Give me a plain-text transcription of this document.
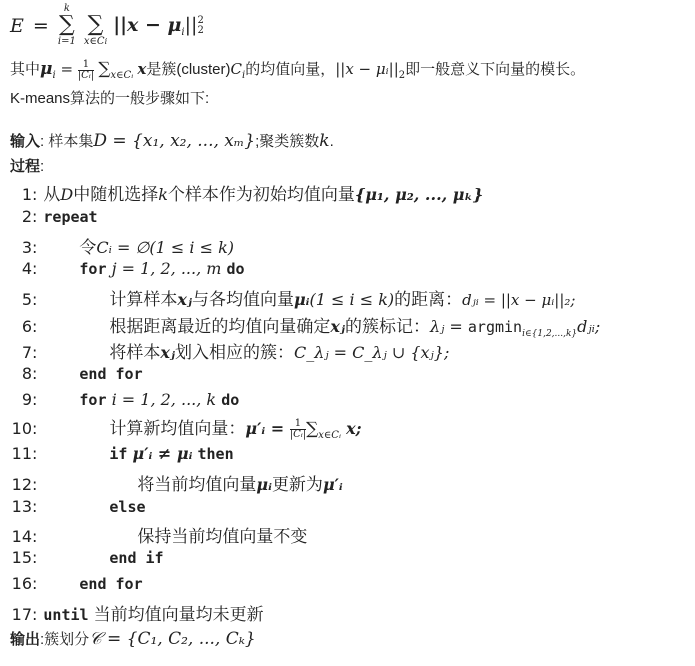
E =
k
∑
i=1

∑
x∈Ci
$||x - \mu_i||$ 2
2
其中$\mu_i = \frac{1}{\text{|Cᵢ|}} \sum_{x\in Cᵢ}$ x是簇$(cluster)C_i$的均值向量，$||x - \mu ᵢ||_2$即一般意义下向量的模长。
K-means算法的一般步骤如下:
输入: 样本集D = {x₁, x₂, ..., xₘ};聚类簇数k.
过程:
1: 从D中随机选择k个样本作为初始均值向量{μ₁, μ₂, ..., μₖ}
2: repeat
3: 令Cᵢ = ∅(1 ≤ i ≤ k)
4:	for j = 1, 2, ..., m do
5:	计算样本xⱼ与各均值向量μᵢ(1 ≤ i ≤ k)的距离：dⱼᵢ = ||x − μᵢ||₂;
6:	根据距离最近的均值向量确定xⱼ的簇标记：λⱼ = argmin$_{i\in\{1,2,...,k\}}$dⱼᵢ;
7:	将样本xⱼ划入相应的簇：C_λⱼ = C_λⱼ ∪ {xⱼ};
8:	end for
9:	for i = 1, 2, ..., k do
10:	计算新均值向量：μ′ᵢ = $\frac{1}{\text{|Cᵢ|}} \sum_{x\in Cᵢ}$ x;
11:	if μ′ᵢ ≠ μᵢ then
12:	将当前均值向量μᵢ更新为μ′ᵢ
13:	else
14:	保持当前均值向量不变
15:	end if
16:	end for
17: until 当前均值向量均未更新
输出:簇划分𝒞 = {C₁, C₂, ..., Cₖ}
